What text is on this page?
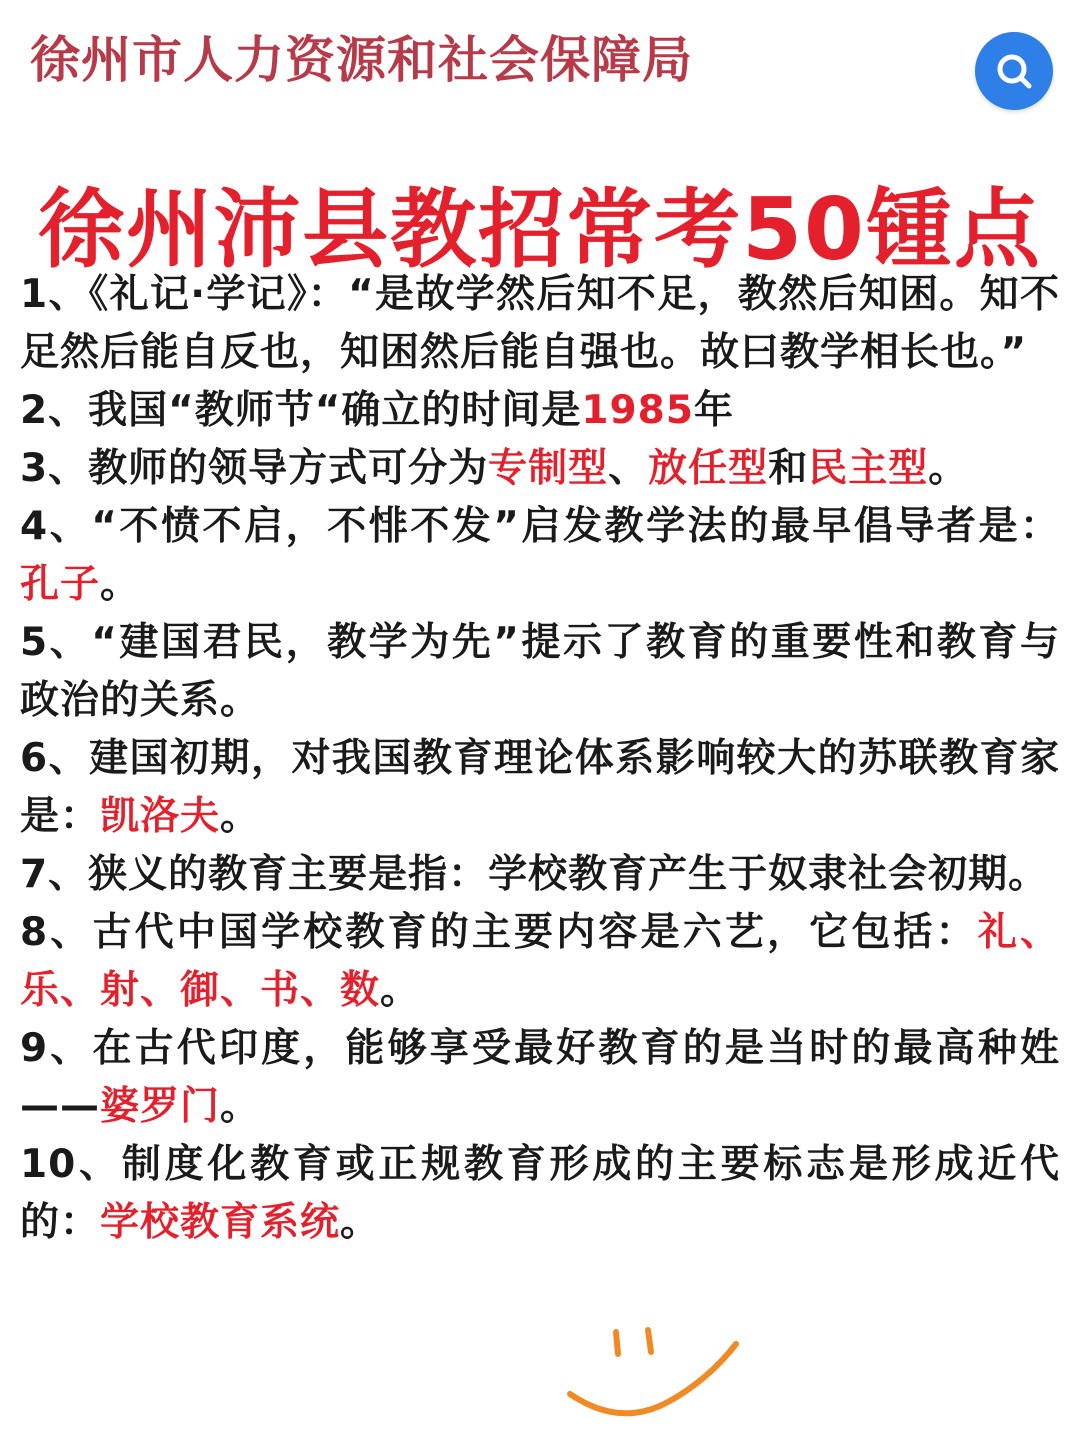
徐州市人力资源和社会保障局
徐州沛县教招常考50锺点
1、《礼记·学记》：“是故学然后知不足，教然后知困。知不足然后能自反也，知困然后能自强也。故曰教学相长也。”
2、我国“教师节“确立的时间是1985年
3、教师的领导方式可分为专制型、放任型和民主型。
4、“不愤不启，不悱不发”启发教学法的最早倡导者是：孔子。
5、“建国君民，教学为先”提示了教育的重要性和教育与政治的关系。
6、建国初期，对我国教育理论体系影响较大的苏联教育家是：凯洛夫。
7、狭义的教育主要是指：学校教育产生于奴隶社会初期。
8、古代中国学校教育的主要内容是六艺，它包括：礼、乐、射、御、书、数。
9、在古代印度，能够享受最好教育的是当时的最高种姓——婆罗门。
10、制度化教育或正规教育形成的主要标志是形成近代的：学校教育系统。
